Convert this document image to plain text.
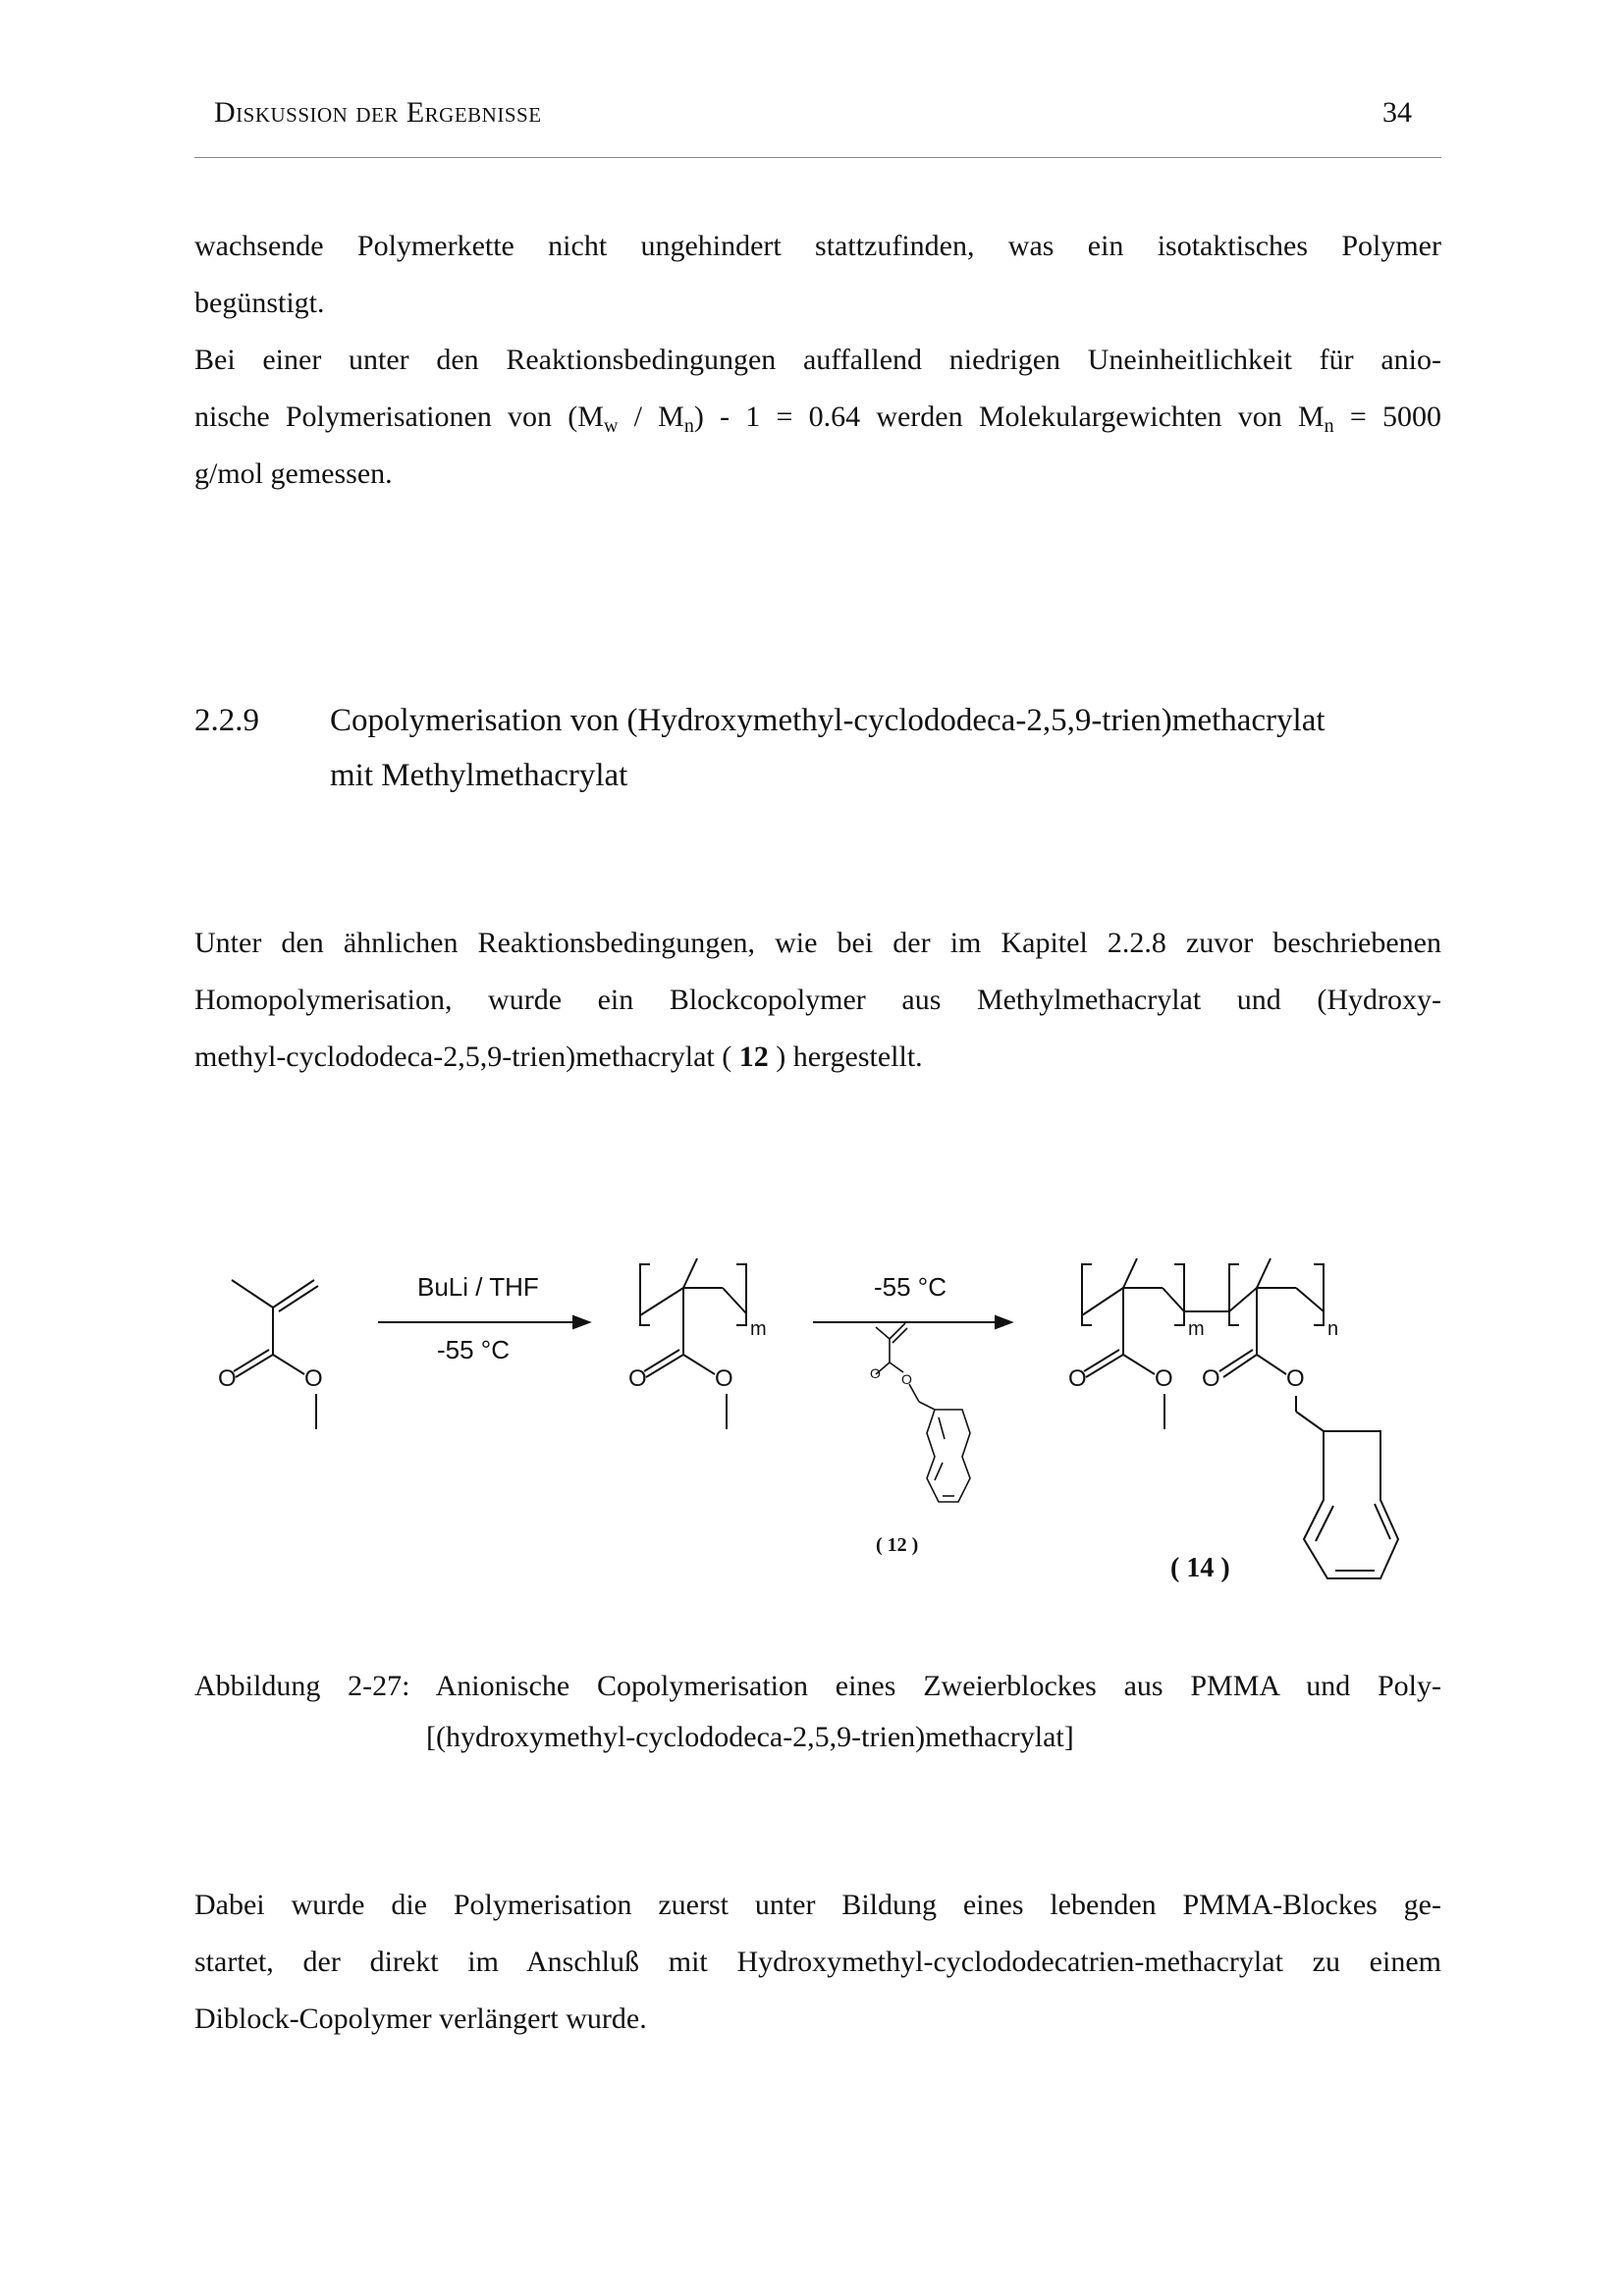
Diskussion der Ergebnisse	34
wachsende Polymerkette nicht ungehindert stattzufinden, was ein isotaktisches Polymer
begünstigt.
Bei einer unter den Reaktionsbedingungen auffallend niedrigen Uneinheitlichkeit für anio-
nische Polymerisationen von $(M_w / M_n) - 1 = 0.64$ werden Molekulargewichten von $M_n = 5000$
g/mol gemessen.
2.2.9 Copolymerisation von (Hydroxymethyl-cyclododeca-2,5,9-trien)methacrylat
mit Methylmethacrylat
Unter den ähnlichen Reaktionsbedingungen, wie bei der im Kapitel 2.2.8 zuvor beschriebenen
Homopolymerisation, wurde ein Blockcopolymer aus Methylmethacrylat und (Hydroxy-
methyl-cyclododeca-2,5,9-trien)methacrylat ( 12 ) hergestellt.
O	O
BuLi / THF
-55 °C
m
O	O
-55 °C
O O
( 12 )
m	n
O	O O	O
( 14 )
Abbildung 2-27: Anionische Copolymerisation eines Zweierblockes aus PMMA und Poly-
[(hydroxymethyl-cyclododeca-2,5,9-trien)methacrylat]
Dabei wurde die Polymerisation zuerst unter Bildung eines lebenden PMMA-Blockes ge-
startet, der direkt im Anschluß mit Hydroxymethyl-cyclododecatrien-methacrylat zu einem
Diblock-Copolymer verlängert wurde.
